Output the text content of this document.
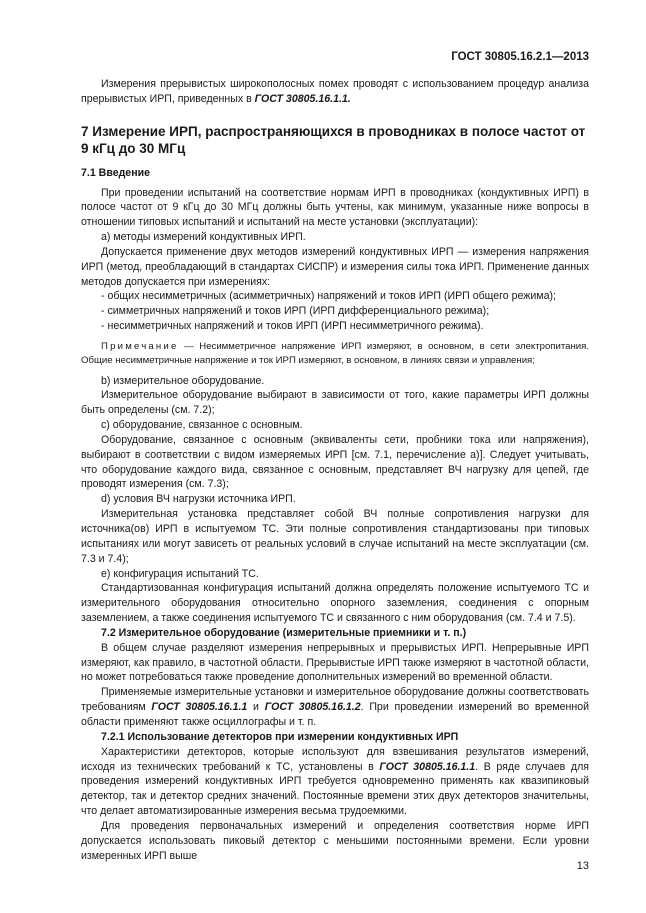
ГОСТ 30805.16.2.1—2013

Измерения прерывистых широкополосных помех проводят с использованием процедур анализа прерывистых ИРП, приведенных в ГОСТ 30805.16.1.1.

7 Измерение ИРП, распространяющихся в проводниках в полосе частот от 9 кГц до 30 МГц

7.1 Введение

При проведении испытаний на соответствие нормам ИРП в проводниках (кондуктивных ИРП) в полосе частот от 9 кГц до 30 МГц должны быть учтены, как минимум, указанные ниже вопросы в отношении типовых испытаний и испытаний на месте установки (эксплуатации):

а) методы измерений кондуктивных ИРП.

Допускается применение двух методов измерений кондуктивных ИРП — измерения напряжения ИРП (метод, преобладающий в стандартах СИСПР) и измерения силы тока ИРП. Применение данных методов допускается при измерениях:

- общих несимметричных (асимметричных) напряжений и токов ИРП (ИРП общего режима);

- симметричных напряжений и токов ИРП (ИРП дифференциального режима);

- несимметричных напряжений и токов ИРП (ИРП несимметричного режима).

Примечание — Несимметричное напряжение ИРП измеряют, в основном, в сети электропитания. Общие несимметричные напряжение и ток ИРП измеряют, в основном, в линиях связи и управления;

b) измерительное оборудование.

Измерительное оборудование выбирают в зависимости от того, какие параметры ИРП должны быть определены (см. 7.2);

с) оборудование, связанное с основным.

Оборудование, связанное с основным (эквиваленты сети, пробники тока или напряжения), выбирают в соответствии с видом измеряемых ИРП [см. 7.1, перечисление а)]. Следует учитывать, что оборудование каждого вида, связанное с основным, представляет ВЧ нагрузку для цепей, где проводят измерения (см. 7.3);

d) условия ВЧ нагрузки источника ИРП.

Измерительная установка представляет собой ВЧ полные сопротивления нагрузки для источника(ов) ИРП в испытуемом ТС. Эти полные сопротивления стандартизованы при типовых испытаниях или могут зависеть от реальных условий в случае испытаний на месте эксплуатации (см. 7.3 и 7.4);

е) конфигурация испытаний ТС.

Стандартизованная конфигурация испытаний должна определять положение испытуемого ТС и измерительного оборудования относительно опорного заземления, соединения с опорным заземлением, а также соединения испытуемого ТС и связанного с ним оборудования (см. 7.4 и 7.5).

7.2 Измерительное оборудование (измерительные приемники и т. п.)

В общем случае разделяют измерения непрерывных и прерывистых ИРП. Непрерывные ИРП измеряют, как правило, в частотной области. Прерывистые ИРП также измеряют в частотной области, но может потребоваться также проведение дополнительных измерений во временной области.

Применяемые измерительные установки и измерительное оборудование должны соответствовать требованиям ГОСТ 30805.16.1.1 и ГОСТ 30805.16.1.2. При проведении измерений во временной области применяют также осциллографы и т. п.

7.2.1 Использование детекторов при измерении кондуктивных ИРП

Характеристики детекторов, которые используют для взвешивания результатов измерений, исходя из технических требований к ТС, установлены в ГОСТ 30805.16.1.1. В ряде случаев для проведения измерений кондуктивных ИРП требуется одновременно применять как квазипиковый детектор, так и детектор средних значений. Постоянные времени этих двух детекторов значительны, что делает автоматизированные измерения весьма трудоемкими.

Для проведения первоначальных измерений и определения соответствия норме ИРП допускается использовать пиковый детектор с меньшими постоянными времени. Если уровни измеренных ИРП выше

13
